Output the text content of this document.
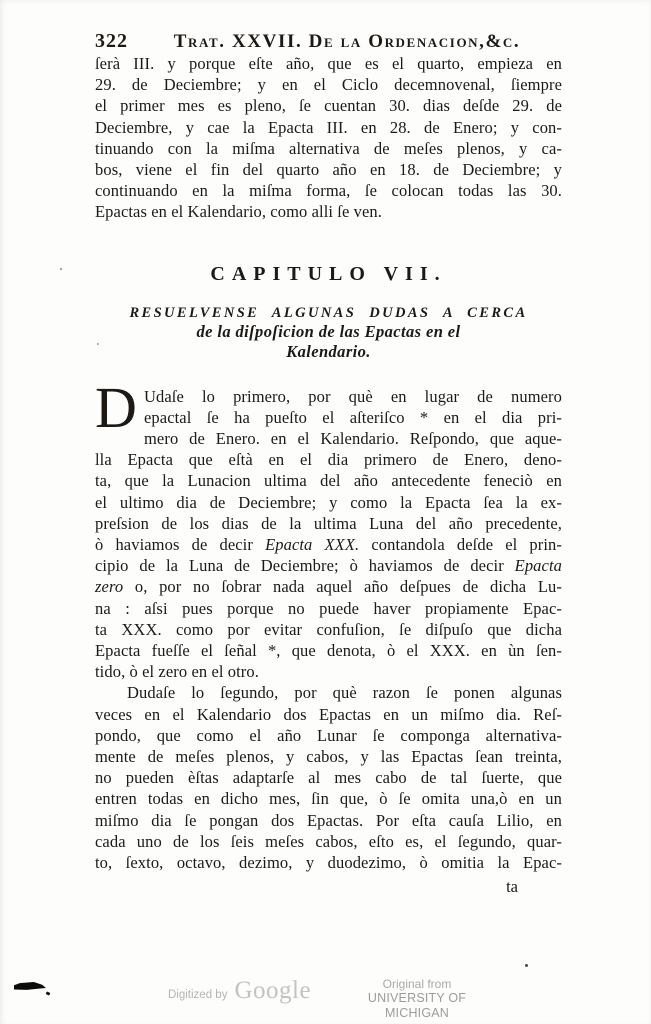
322	Trat. XXVII. De la Ordenacion,&c.
ſerà III. y porque eſte año, que es el quarto, empieza en
29. de Deciembre; y en el Ciclo decemnovenal, ſiempre
el primer mes es pleno, ſe cuentan 30. dias deſde 29. de
Deciembre, y cae la Epacta III. en 28. de Enero; y con-
tinuando con la miſma alternativa de meſes plenos, y ca-
bos, viene el fin del quarto año en 18. de Deciembre; y
continuando en la miſma forma, ſe colocan todas las 30.
Epactas en el Kalendario, como alli ſe ven.
CAPITULO VII.
RESUELVENSE ALGUNAS DUDAS A CERCA
de la diſpoſicion de las Epactas en el
Kalendario.
D Udaſe lo primero, por què en lugar de numero
epactal ſe ha pueſto el aſteriſco * en el dia pri-
mero de Enero. en el Kalendario. Reſpondo, que aque-
lla Epacta que eſtà en el dia primero de Enero, deno-
ta, que la Lunacion ultima del año antecedente feneciò en
el ultimo dia de Deciembre; y como la Epacta ſea la ex-
preſsion de los dias de la ultima Luna del año precedente,
ò haviamos de decir Epacta XXX. contandola deſde el prin-
cipio de la Luna de Deciembre; ò haviamos de decir Epacta
zero o, por no ſobrar nada aquel año deſpues de dicha Lu-
na : aſsi pues porque no puede haver propiamente Epac-
ta XXX. como por evitar confuſion, ſe diſpuſo que dicha
Epacta fueſſe el ſeñal *, que denota, ò el XXX. en ùn ſen-
tido, ò el zero en el otro.
Dudaſe lo ſegundo, por què razon ſe ponen algunas
veces en el Kalendario dos Epactas en un miſmo dia. Reſ-
pondo, que como el año Lunar ſe componga alternativa-
mente de meſes plenos, y cabos, y las Epactas ſean treinta,
no pueden èſtas adaptarſe al mes cabo de tal ſuerte, que
entren todas en dicho mes, ſin que, ò ſe omita una,ò en un
miſmo dia ſe pongan dos Epactas. Por eſta cauſa Lilio, en
cada uno de los ſeis meſes cabos, eſto es, el ſegundo, quar-
to, ſexto, octavo, dezimo, y duodezimo, ò omitia la Epac-
ta
Digitized by Google	Original from
UNIVERSITY OF MICHIGAN
